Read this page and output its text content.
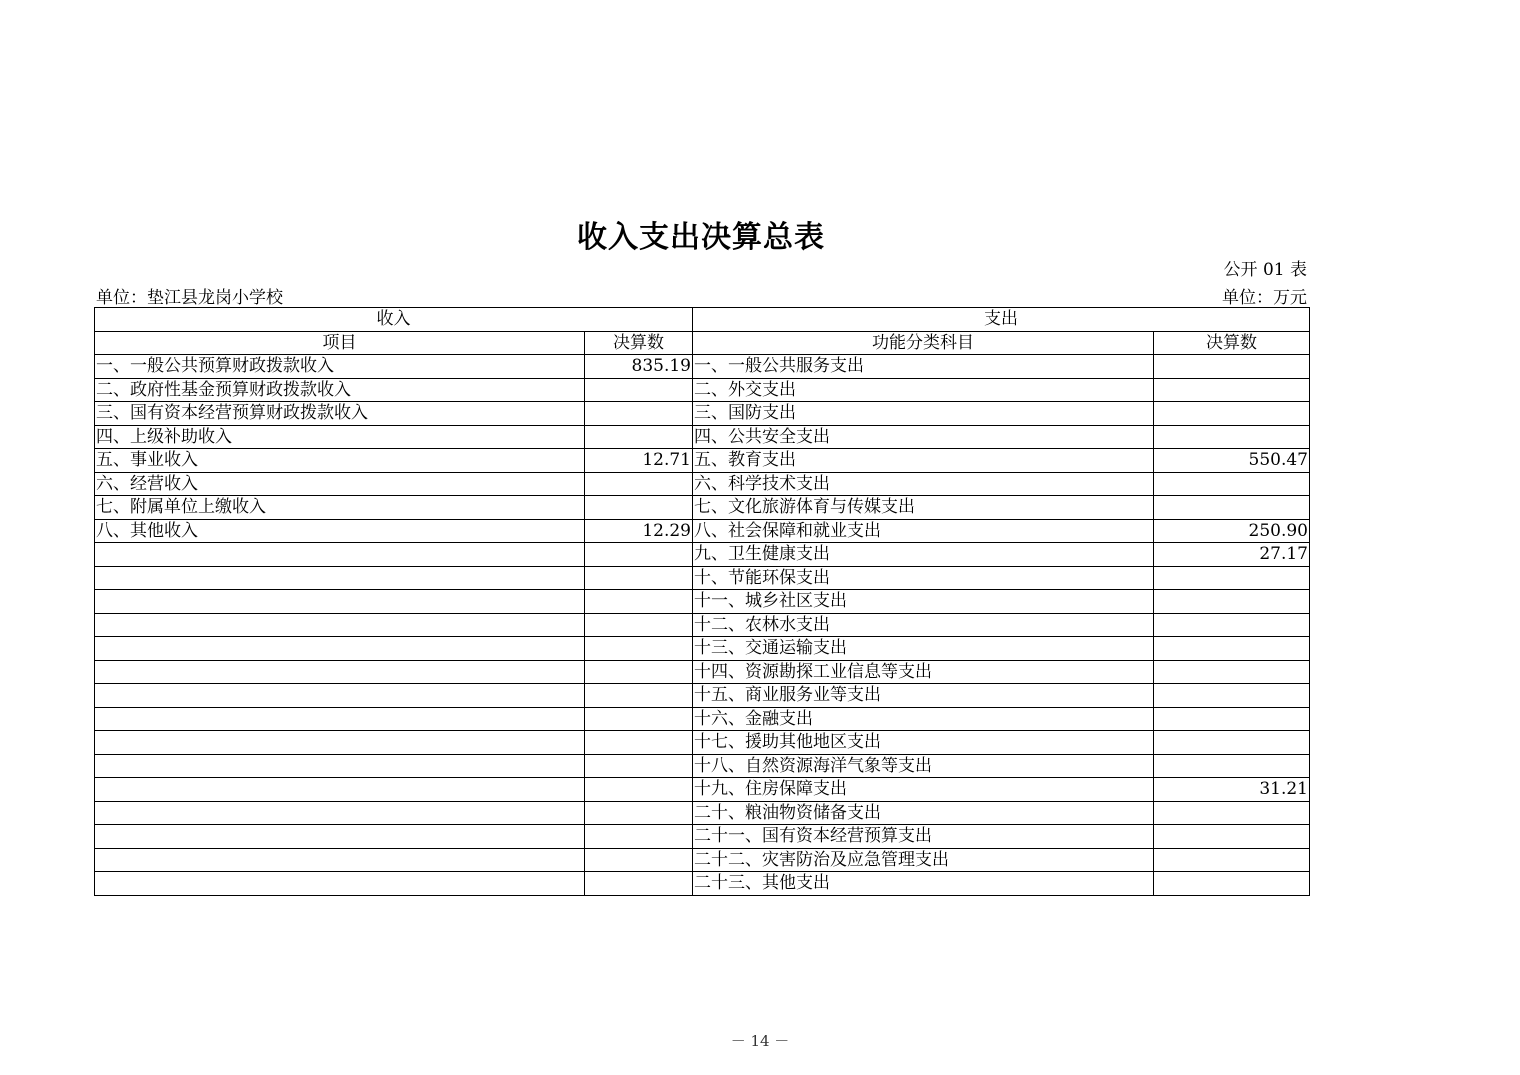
收入支出决算总表
公开 01 表
单位：垫江县龙岗小学校	单位：万元
收入		支出	
项目	决算数	功能分类科目	决算数
一、一般公共预算财政拨款收入	835.19	一、一般公共服务支出	
二、政府性基金预算财政拨款收入		二、外交支出	
三、国有资本经营预算财政拨款收入		三、国防支出	
四、上级补助收入		四、公共安全支出	
五、事业收入	12.71	五、教育支出	550.47
六、经营收入		六、科学技术支出	
七、附属单位上缴收入		七、文化旅游体育与传媒支出	
八、其他收入	12.29	八、社会保障和就业支出	250.90
		九、卫生健康支出	27.17
		十、节能环保支出	
		十一、城乡社区支出	
		十二、农林水支出	
		十三、交通运输支出	
		十四、资源勘探工业信息等支出	
		十五、商业服务业等支出	
		十六、金融支出	
		十七、援助其他地区支出	
		十八、自然资源海洋气象等支出	
		十九、住房保障支出	31.21
		二十、粮油物资储备支出	
		二十一、国有资本经营预算支出	
		二十二、灾害防治及应急管理支出	
		二十三、其他支出	
－ 14 －
